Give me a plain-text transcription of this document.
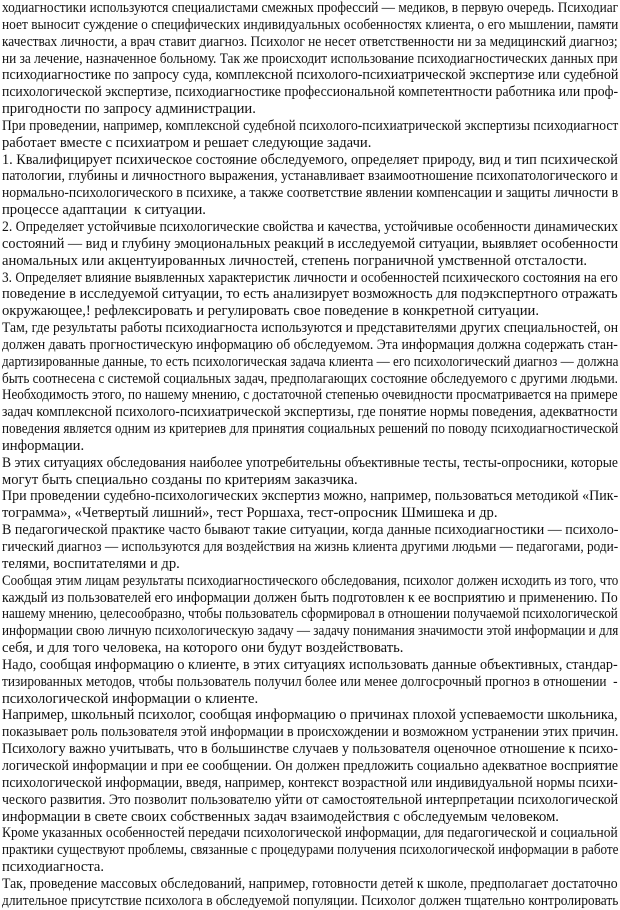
ходиагностики используются специалистами смежных профессий — медиков, в первую очередь. Психодиаг
ноет выносит суждение о специфических индивидуальных особенностях клиента, о его мышлении, памяти
качествах личности, а врач ставит диагноз. Психолог не несет ответственности ни за медицинский диагноз;
ни за лечение, назначенное больному. Так же происходит использование психодиагностических данных при
психодиагностике по запросу суда, комплексной психолого-психиатрической экспертизе или судебной
психологической экспертизе, психодиагностике профессиональной компетентности работника или проф-
пригодности по запросу администрации.
При проведении, например, комплексной судебной психолого-психиатрической экспертизы психодиагност
работает вместе с психиатром и решает следующие задачи.
1. Квалифицирует психическое состояние обследуемого, определяет природу, вид и тип психической
патологии, глубины и личностного выражения, устанавливает взаимоотношение психопатологического и
нормально-психологического в психике, а также соответствие явлении компенсации и защиты личности в
процессе адаптации  к ситуации.
2. Определяет устойчивые психологические свойства и качества, устойчивые особенности динамических
состояний — вид и глубину эмоциональных реакций в исследуемой ситуации, выявляет особенности
аномальных или акцентуированных личностей, степень пограничной умственной отсталости.
3. Определяет влияние выявленных характеристик личности и особенностей психического состояния на его
поведение в исследуемой ситуации, то есть анализирует возможность для подэкспертного отражать
окружающее,! рефлексировать и регулировать свое поведение в конкретной ситуации.
Там, где результаты работы психодиагноста используются и представителями других специальностей, он
должен давать прогностическую информацию об обследуемом. Эта информация должна содержать стан-
дартизированные данные, то есть психологическая задача клиента — его психологический диагноз — должна
быть соотнесена с системой социальных задач, предполагающих состояние обследуемого с другими людьми.
Необходимость этого, по нашему мнению, с достаточной степенью очевидности просматривается на примере
задач комплексной психолого-психиатрической экспертизы, где понятие нормы поведения, адекватности
поведения является одним из критериев для принятия социальных решений по поводу психодиагностической
информации.
В этих ситуациях обследования наиболее употребительны объективные тесты, тесты-опросники, которые
могут быть специально созданы по критериям заказчика.
При проведении судебно-психологических экспертиз можно, например, пользоваться методикой «Пик-
тограмма», «Четвертый лишний», тест Роршаха, тест-опросник Шмишека и др.
В педагогической практике часто бывают такие ситуации, когда данные психодиагностики — психоло-
гический диагноз — используются для воздействия на жизнь клиента другими людьми — педагогами, роди-
телями, воспитателями и др.
Сообщая этим лицам результаты психодиагностического обследования, психолог должен исходить из того, что
каждый из пользователей его информации должен быть подготовлен к ее восприятию и применению. По
нашему мнению, целесообразно, чтобы пользователь сформировал в отношении получаемой психологической
информации свою личную психологическую задачу — задачу понимания значимости этой информации и для
себя, и для того человека, на которого они будут воздействовать.
Надо, сообщая информацию о клиенте, в этих ситуациях использовать данные объективных, стандар-
тизированных методов, чтобы пользователь получил более или менее долгосрочный прогноз в отношении  -
психологической информации о клиенте.
Например, школьный психолог, сообщая информацию о причинах плохой успеваемости школьника,
показывает роль пользователя этой информации в происхождении и возможном устранении этих причин.
Психологу важно учитывать, что в большинстве случаев у пользователя оценочное отношение к психо-
логической информации и при ее сообщении. Он должен предложить социально адекватное восприятие
психологической информации, введя, например, контекст возрастной или индивидуальной нормы психи-
ческого развития. Это позволит пользователю уйти от самостоятельной интерпретации психологической
информации в свете своих собственных задач взаимодействия с обследуемым человеком.
Кроме указанных особенностей передачи психологической информации, для педагогической и социальной
практики существуют проблемы, связанные с процедурами получения психологической информации в работе
психодиагноста.
Так, проведение массовых обследований, например, готовности детей к школе, предполагает достаточно
длительное присутствие психолога в обследуемой популяции. Психолог должен тщательно контролировать
